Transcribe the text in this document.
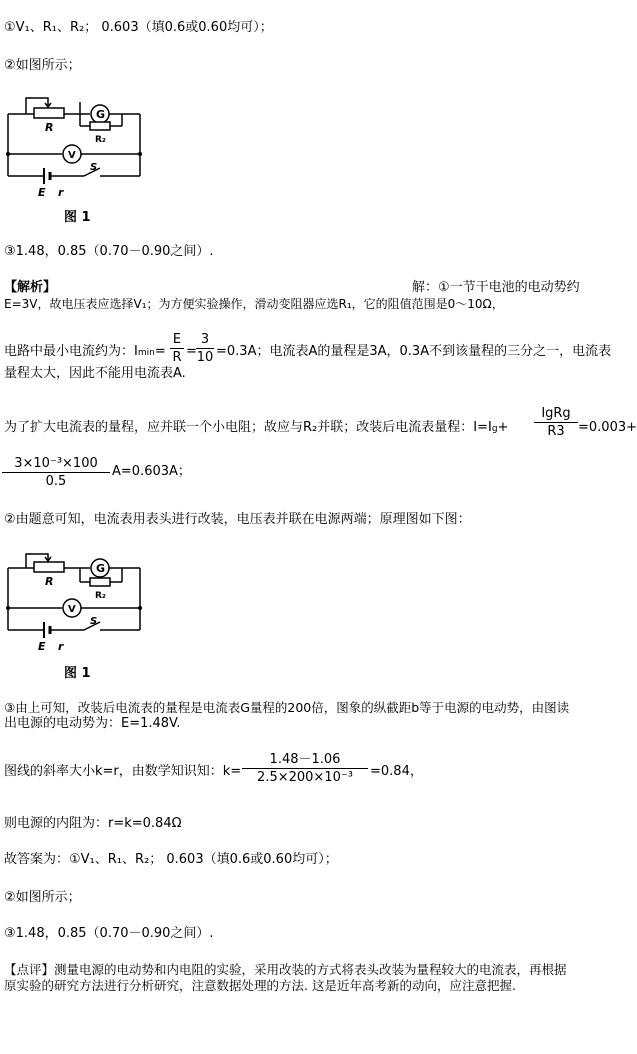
①V₁、R₁、R₂； 0.603（填0.6或0.60均可）；
②如图所示；
R
G
R₂
V
E r
S
图 1
③1.48，0.85（0.70－0.90之间）.
【解析】	解：①一节干电池的电动势约
E=3V，故电压表应选择V₁；为方便实验操作，滑动变阻器应选R₁，它的阻值范围是0～10Ω，
电路中最小电流约为：Imin=
E
R =
3
10 =0.3A；电流表A的量程是3A，0.3A不到该量程的三分之一，电流表
量程太大，因此不能用电流表A.
为了扩大电流表的量程，应并联一个小电阻；故应与R₂并联；改装后电流表量程：I=Ig+
IgRg
R3	=0.003+
3×10⁻³×100
0.5
A=0.603A；
②由题意可知，电流表用表头进行改装，电压表并联在电源两端；原理图如下图：
R
G
R₂
V
E r
S
图 1
③由上可知，改装后电流表的量程是电流表G量程的200倍，图象的纵截距b等于电源的电动势，由图读
出电源的电动势为：E=1.48V.
图线的斜率大小k=r，由数学知识知：k=
1.48－1.06
2.5×200×10⁻³	=0.84，
则电源的内阻为：r=k=0.84Ω
故答案为：①V₁、R₁、R₂； 0.603（填0.6或0.60均可）；
②如图所示；
③1.48，0.85（0.70－0.90之间）.
【点评】测量电源的电动势和内电阻的实验，采用改装的方式将表头改装为量程较大的电流表，再根据
原实验的研究方法进行分析研究，注意数据处理的方法. 这是近年高考新的动向，应注意把握.
